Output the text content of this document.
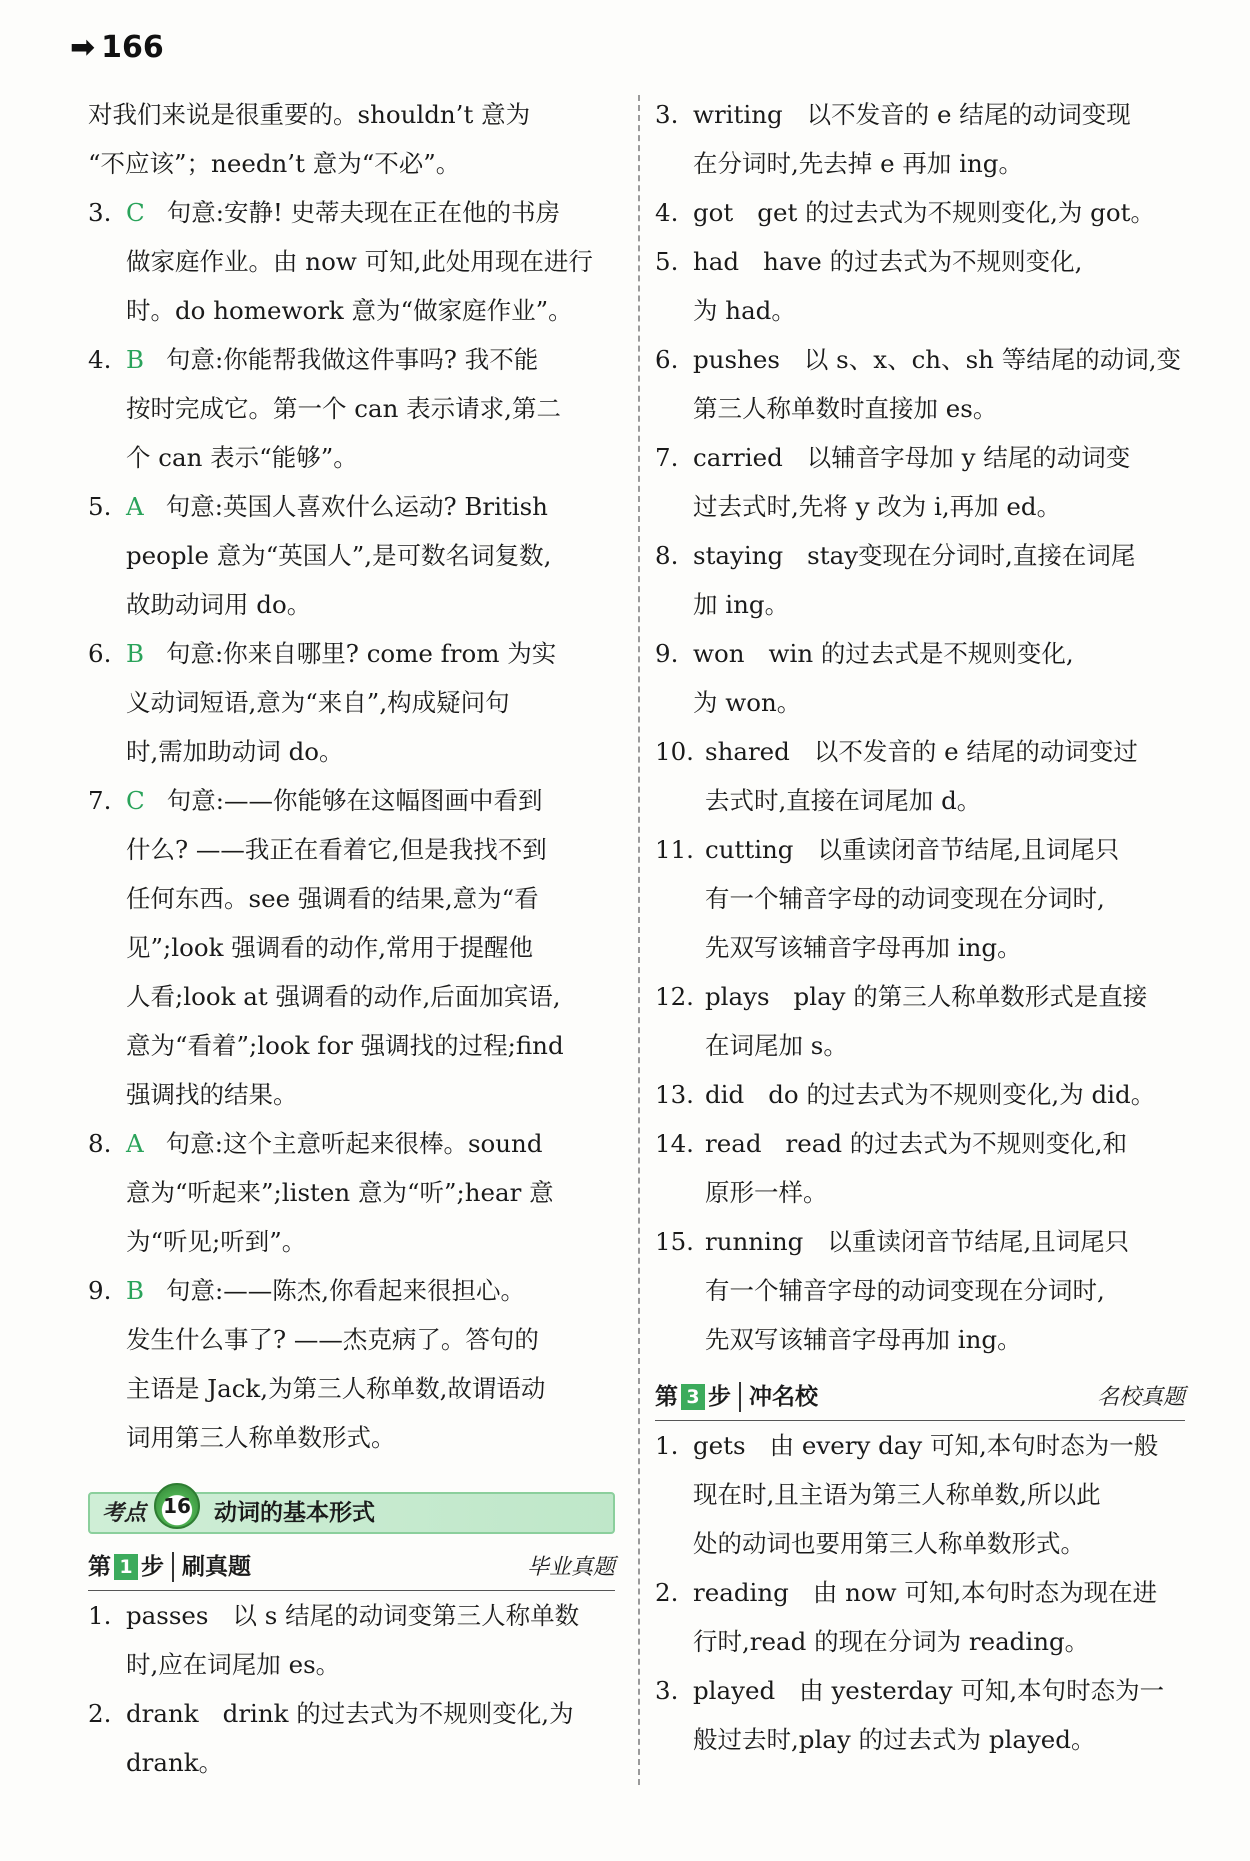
➡ 166
对我们来说是很重要的。shouldn’t 意为
“不应该”；needn’t 意为“不必”。
3. C 句意:安静! 史蒂夫现在正在他的书房
做家庭作业。由 now 可知,此处用现在进行
时。do homework 意为“做家庭作业”。
4. B 句意:你能帮我做这件事吗? 我不能
按时完成它。第一个 can 表示请求,第二
个 can 表示“能够”。
5. A 句意:英国人喜欢什么运动? British
people 意为“英国人”,是可数名词复数,
故助动词用 do。
6. B 句意:你来自哪里? come from 为实
义动词短语,意为“来自”,构成疑问句
时,需加助动词 do。
7. C 句意:——你能够在这幅图画中看到
什么? ——我正在看着它,但是我找不到
任何东西。see 强调看的结果,意为“看
见”;look 强调看的动作,常用于提醒他
人看;look at 强调看的动作,后面加宾语,
意为“看着”;look for 强调找的过程;find
强调找的结果。
8. A 句意:这个主意听起来很棒。sound
意为“听起来”;listen 意为“听”;hear 意
为“听见;听到”。
9. B 句意:——陈杰,你看起来很担心。
发生什么事了? ——杰克病了。答句的
主语是 Jack,为第三人称单数,故谓语动
词用第三人称单数形式。
考点 16 动词的基本形式
第 1 步 刷真题	毕业真题
1. passes 以 s 结尾的动词变第三人称单数
时,应在词尾加 es。
2. drank drink 的过去式为不规则变化,为
drank。
3. writing 以不发音的 e 结尾的动词变现
在分词时,先去掉 e 再加 ing。
4. got get 的过去式为不规则变化,为 got。
5. had have 的过去式为不规则变化,
为 had。
6. pushes 以 s、x、ch、sh 等结尾的动词,变
第三人称单数时直接加 es。
7. carried 以辅音字母加 y 结尾的动词变
过去式时,先将 y 改为 i,再加 ed。
8. staying stay变现在分词时,直接在词尾
加 ing。
9. won win 的过去式是不规则变化,
为 won。
10. shared 以不发音的 e 结尾的动词变过
去式时,直接在词尾加 d。
11. cutting 以重读闭音节结尾,且词尾只
有一个辅音字母的动词变现在分词时,
先双写该辅音字母再加 ing。
12. plays play 的第三人称单数形式是直接
在词尾加 s。
13. did do 的过去式为不规则变化,为 did。
14. read read 的过去式为不规则变化,和
原形一样。
15. running 以重读闭音节结尾,且词尾只
有一个辅音字母的动词变现在分词时,
先双写该辅音字母再加 ing。
第 3 步 冲名校	名校真题
1. gets 由 every day 可知,本句时态为一般
现在时,且主语为第三人称单数,所以此
处的动词也要用第三人称单数形式。
2. reading 由 now 可知,本句时态为现在进
行时,read 的现在分词为 reading。
3. played 由 yesterday 可知,本句时态为一
般过去时,play 的过去式为 played。
